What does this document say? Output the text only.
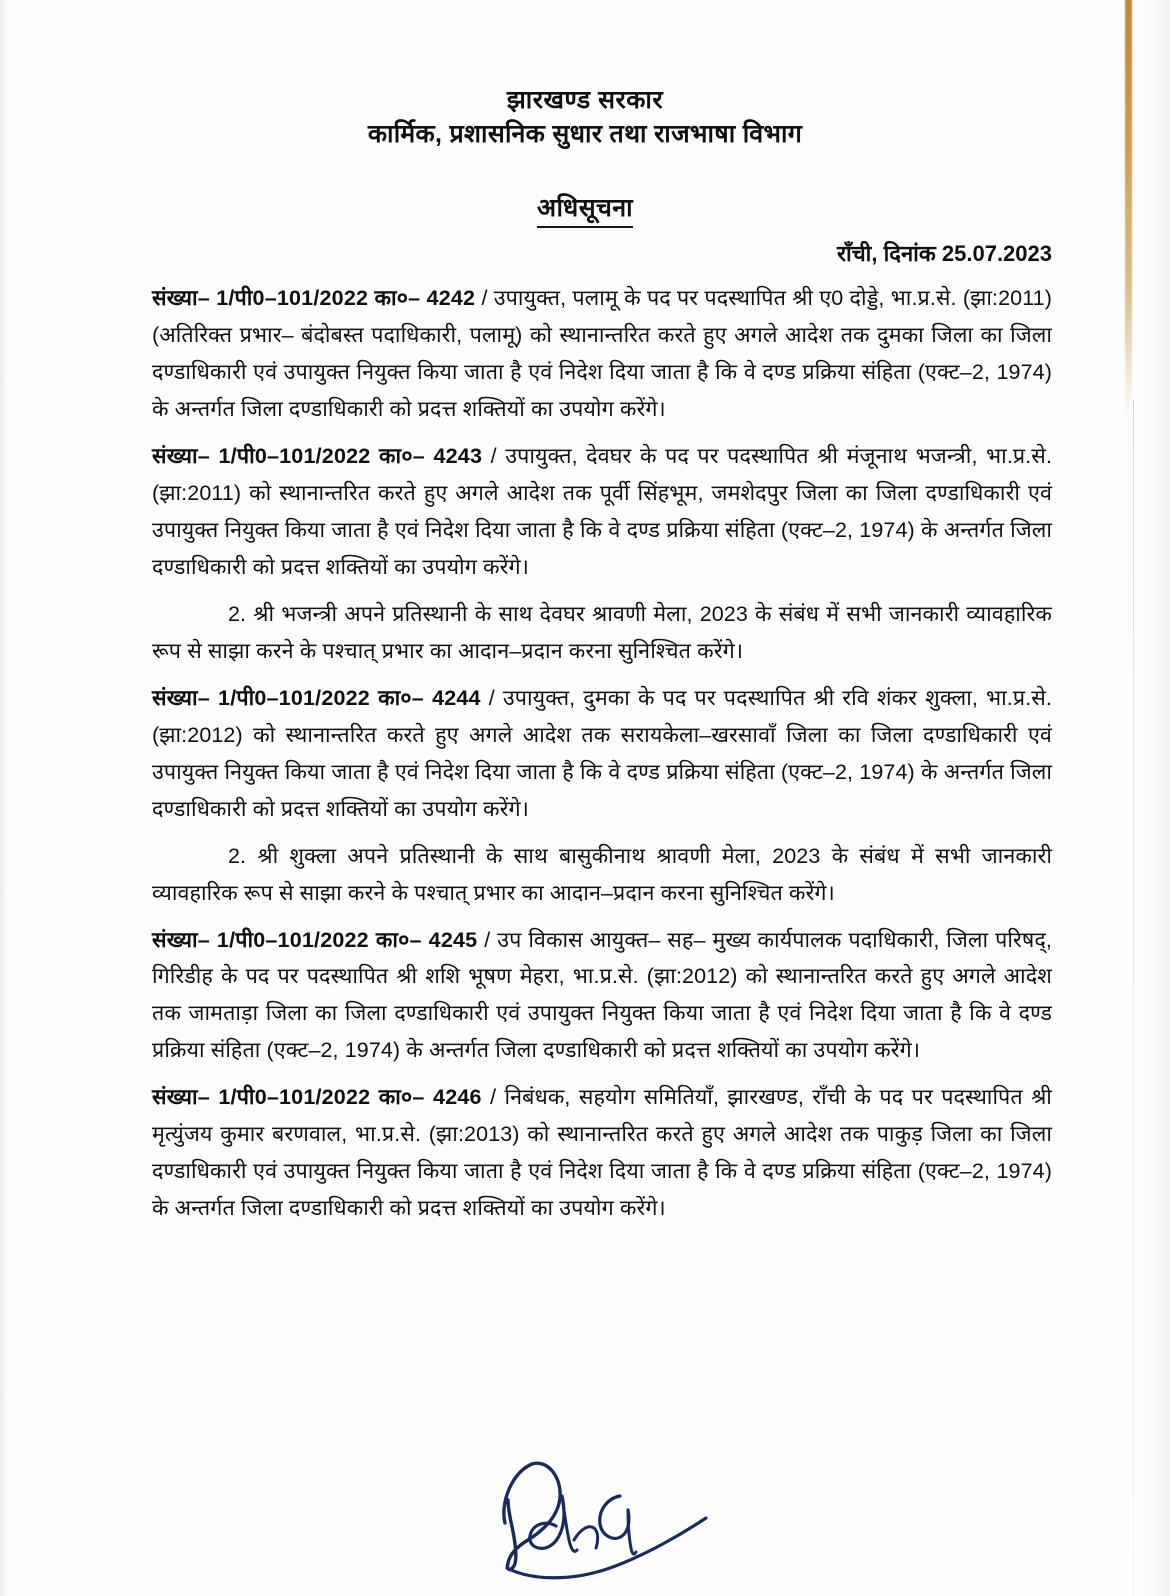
झारखण्ड सरकार
कार्मिक, प्रशासनिक सुधार तथा राजभाषा विभाग
अधिसूचना
राँची, दिनांक 25.07.2023

संख्या– 1/पी0–101/2022 का०– 4242 / उपायुक्त, पलामू के पद पर पदस्थापित श्री ए0 दोड्डे, भा.प्र.से. (झा:2011) (अतिरिक्त प्रभार– बंदोबस्त पदाधिकारी, पलामू) को स्थानान्तरित करते हुए अगले आदेश तक दुमका जिला का जिला दण्डाधिकारी एवं उपायुक्त नियुक्त किया जाता है एवं निदेश दिया जाता है कि वे दण्ड प्रक्रिया संहिता (एक्ट–2, 1974) के अन्तर्गत जिला दण्डाधिकारी को प्रदत्त शक्तियों का उपयोग करेंगे।

संख्या– 1/पी0–101/2022 का०– 4243 / उपायुक्त, देवघर के पद पर पदस्थापित श्री मंजूनाथ भजन्त्री, भा.प्र.से. (झा:2011) को स्थानान्तरित करते हुए अगले आदेश तक पूर्वी सिंहभूम, जमशेदपुर जिला का जिला दण्डाधिकारी एवं उपायुक्त नियुक्त किया जाता है एवं निदेश दिया जाता है कि वे दण्ड प्रक्रिया संहिता (एक्ट–2, 1974) के अन्तर्गत जिला दण्डाधिकारी को प्रदत्त शक्तियों का उपयोग करेंगे।

2. श्री भजन्त्री अपने प्रतिस्थानी के साथ देवघर श्रावणी मेला, 2023 के संबंध में सभी जानकारी व्यावहारिक रूप से साझा करने के पश्चात् प्रभार का आदान–प्रदान करना सुनिश्चित करेंगे।

संख्या– 1/पी0–101/2022 का०– 4244 / उपायुक्त, दुमका के पद पर पदस्थापित श्री रवि शंकर शुक्ला, भा.प्र.से. (झा:2012) को स्थानान्तरित करते हुए अगले आदेश तक सरायकेला–खरसावाँ जिला का जिला दण्डाधिकारी एवं उपायुक्त नियुक्त किया जाता है एवं निदेश दिया जाता है कि वे दण्ड प्रक्रिया संहिता (एक्ट–2, 1974) के अन्तर्गत जिला दण्डाधिकारी को प्रदत्त शक्तियों का उपयोग करेंगे।

2. श्री शुक्ला अपने प्रतिस्थानी के साथ बासुकीनाथ श्रावणी मेला, 2023 के संबंध में सभी जानकारी व्यावहारिक रूप से साझा करने के पश्चात् प्रभार का आदान–प्रदान करना सुनिश्चित करेंगे।

संख्या– 1/पी0–101/2022 का०– 4245 / उप विकास आयुक्त– सह– मुख्य कार्यपालक पदाधिकारी, जिला परिषद्, गिरिडीह के पद पर पदस्थापित श्री शशि भूषण मेहरा, भा.प्र.से. (झा:2012) को स्थानान्तरित करते हुए अगले आदेश तक जामताड़ा जिला का जिला दण्डाधिकारी एवं उपायुक्त नियुक्त किया जाता है एवं निदेश दिया जाता है कि वे दण्ड प्रक्रिया संहिता (एक्ट–2, 1974) के अन्तर्गत जिला दण्डाधिकारी को प्रदत्त शक्तियों का उपयोग करेंगे।

संख्या– 1/पी0–101/2022 का०– 4246 / निबंधक, सहयोग समितियाँ, झारखण्ड, राँची के पद पर पदस्थापित श्री मृत्युंजय कुमार बरणवाल, भा.प्र.से. (झा:2013) को स्थानान्तरित करते हुए अगले आदेश तक पाकुड़ जिला का जिला दण्डाधिकारी एवं उपायुक्त नियुक्त किया जाता है एवं निदेश दिया जाता है कि वे दण्ड प्रक्रिया संहिता (एक्ट–2, 1974) के अन्तर्गत जिला दण्डाधिकारी को प्रदत्त शक्तियों का उपयोग करेंगे।
